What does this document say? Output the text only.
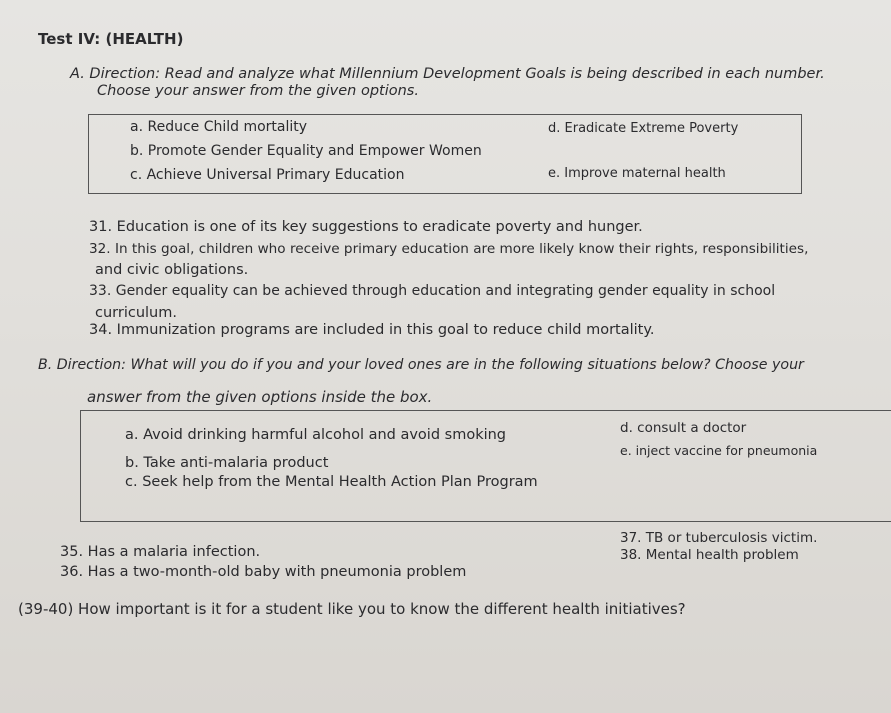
Test IV: (HEALTH)
A. Direction: Read and analyze what Millennium Development Goals is being described in each number.
Choose your answer from the given options.
a. Reduce Child mortality
b. Promote Gender Equality and Empower Women
c. Achieve Universal Primary Education
d. Eradicate Extreme Poverty
e. Improve maternal health
31. Education is one of its key suggestions to eradicate poverty and hunger.
32. In this goal, children who receive primary education are more likely know their rights, responsibilities,
and civic obligations.
33. Gender equality can be achieved through education and integrating gender equality in school
curriculum.
34. Immunization programs are included in this goal to reduce child mortality.
B. Direction: What will you do if you and your loved ones are in the following situations below? Choose your
answer from the given options inside the box.
a. Avoid drinking harmful alcohol and avoid smoking
b. Take anti-malaria product
c. Seek help from the Mental Health Action Plan Program
d. consult a doctor
e. inject vaccine for pneumonia
35. Has a malaria infection.
36. Has a two-month-old baby with pneumonia problem
37. TB or tuberculosis victim.
38. Mental health problem
(39-40) How important is it for a student like you to know the different health initiatives?
